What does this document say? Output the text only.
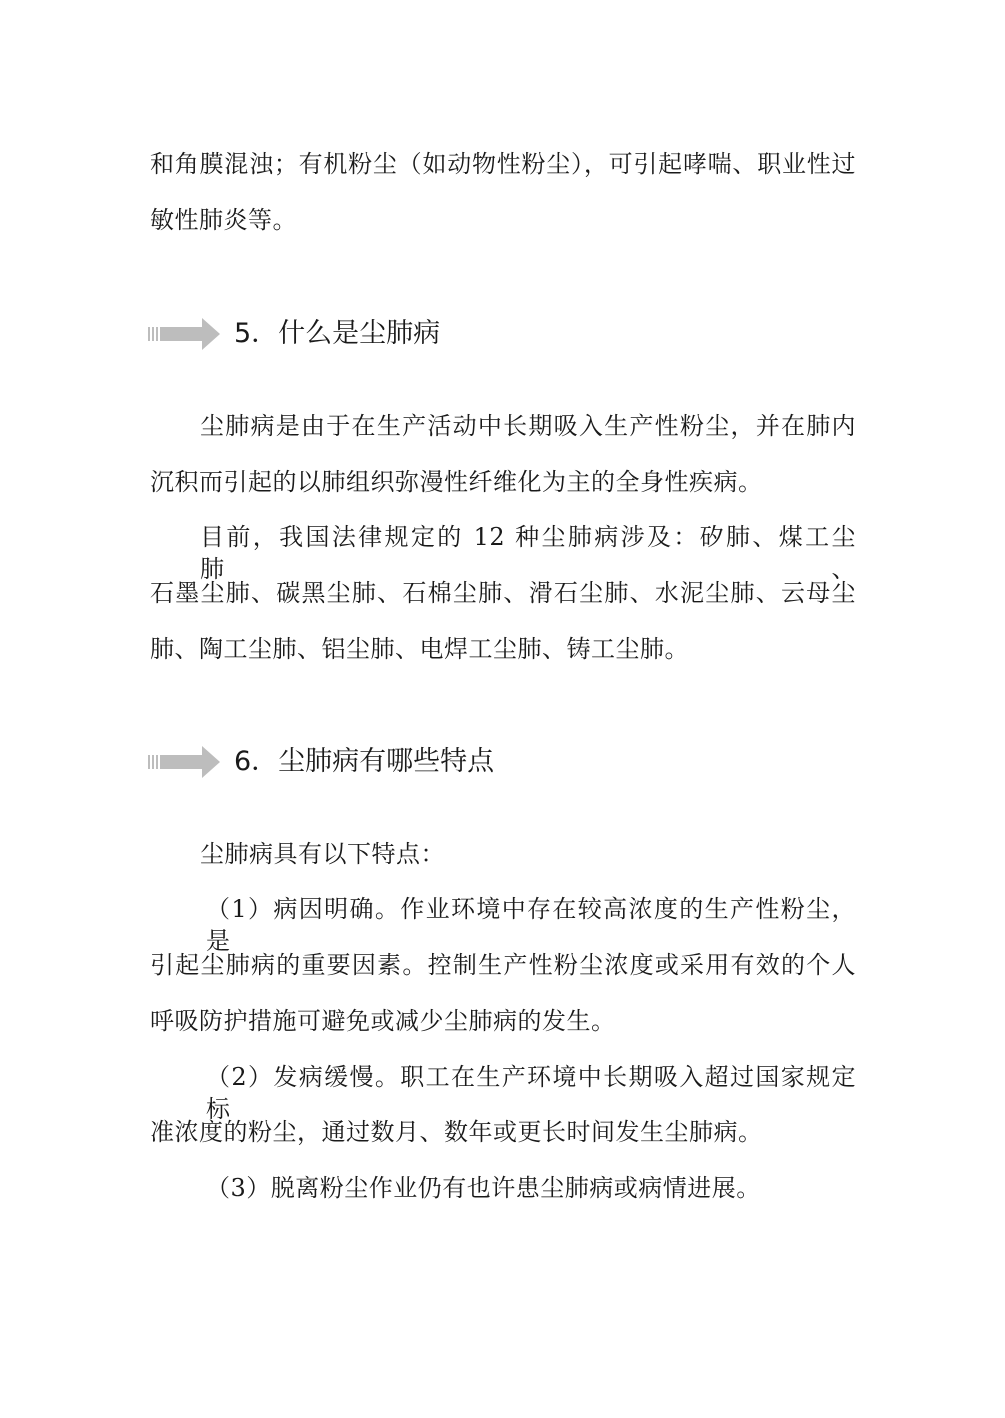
和角膜混浊；有机粉尘（如动物性粉尘），可引起哮喘、职业性过
敏性肺炎等。
5．什么是尘肺病
尘肺病是由于在生产活动中长期吸入生产性粉尘，并在肺内
沉积而引起的以肺组织弥漫性纤维化为主的全身性疾病。
目前，我国法律规定的 12 种尘肺病涉及：矽肺、煤工尘肺、
石墨尘肺、碳黑尘肺、石棉尘肺、滑石尘肺、水泥尘肺、云母尘
肺、陶工尘肺、铝尘肺、电焊工尘肺、铸工尘肺。
6．尘肺病有哪些特点
尘肺病具有以下特点：
（1）病因明确。作业环境中存在较高浓度的生产性粉尘，是
引起尘肺病的重要因素。控制生产性粉尘浓度或采用有效的个人
呼吸防护措施可避免或减少尘肺病的发生。
（2）发病缓慢。职工在生产环境中长期吸入超过国家规定标
准浓度的粉尘，通过数月、数年或更长时间发生尘肺病。
（3）脱离粉尘作业仍有也许患尘肺病或病情进展。
